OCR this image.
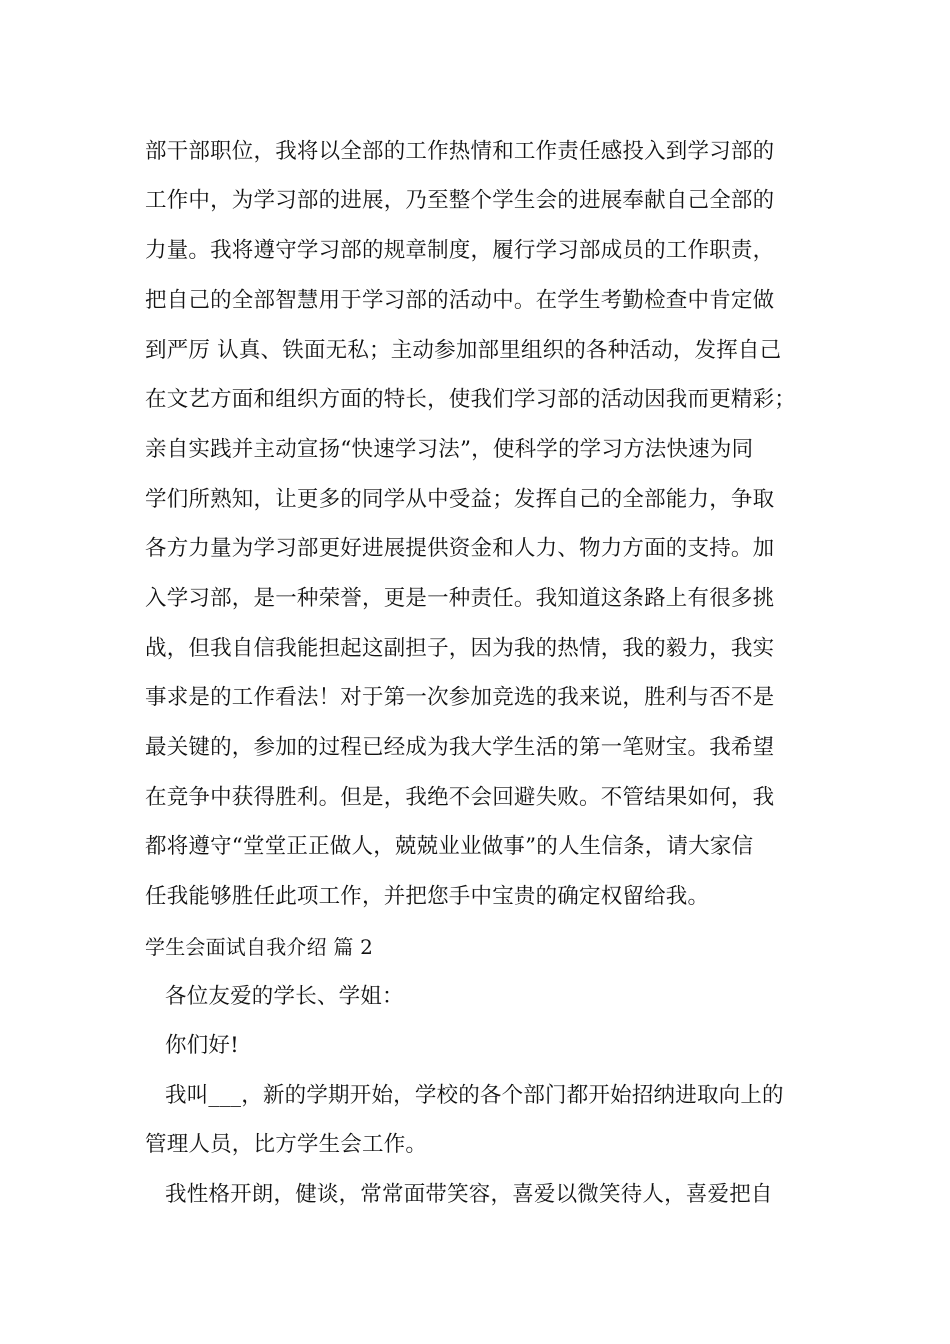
部干部职位，我将以全部的工作热情和工作责任感投入到学习部的
工作中，为学习部的进展，乃至整个学生会的进展奉献自己全部的
力量。我将遵守学习部的规章制度，履行学习部成员的工作职责，
把自己的全部智慧用于学习部的活动中。在学生考勤检查中肯定做
到严厉 认真、铁面无私；主动参加部里组织的各种活动，发挥自己
在文艺方面和组织方面的特长，使我们学习部的活动因我而更精彩；
亲自实践并主动宣扬“快速学习法”，使科学的学习方法快速为同
学们所熟知，让更多的同学从中受益；发挥自己的全部能力，争取
各方力量为学习部更好进展提供资金和人力、物力方面的支持。加
入学习部，是一种荣誉，更是一种责任。我知道这条路上有很多挑
战，但我自信我能担起这副担子，因为我的热情，我的毅力，我实
事求是的工作看法！对于第一次参加竞选的我来说，胜利与否不是
最关键的，参加的过程已经成为我大学生活的第一笔财宝。我希望
在竞争中获得胜利。但是，我绝不会回避失败。不管结果如何，我
都将遵守“堂堂正正做人，兢兢业业做事”的人生信条，请大家信
任我能够胜任此项工作，并把您手中宝贵的确定权留给我。
学生会面试自我介绍 篇 2
各位友爱的学长、学姐：
你们好!
我叫___，新的学期开始，学校的各个部门都开始招纳进取向上的
管理人员，比方学生会工作。
我性格开朗，健谈，常常面带笑容，喜爱以微笑待人，喜爱把自
